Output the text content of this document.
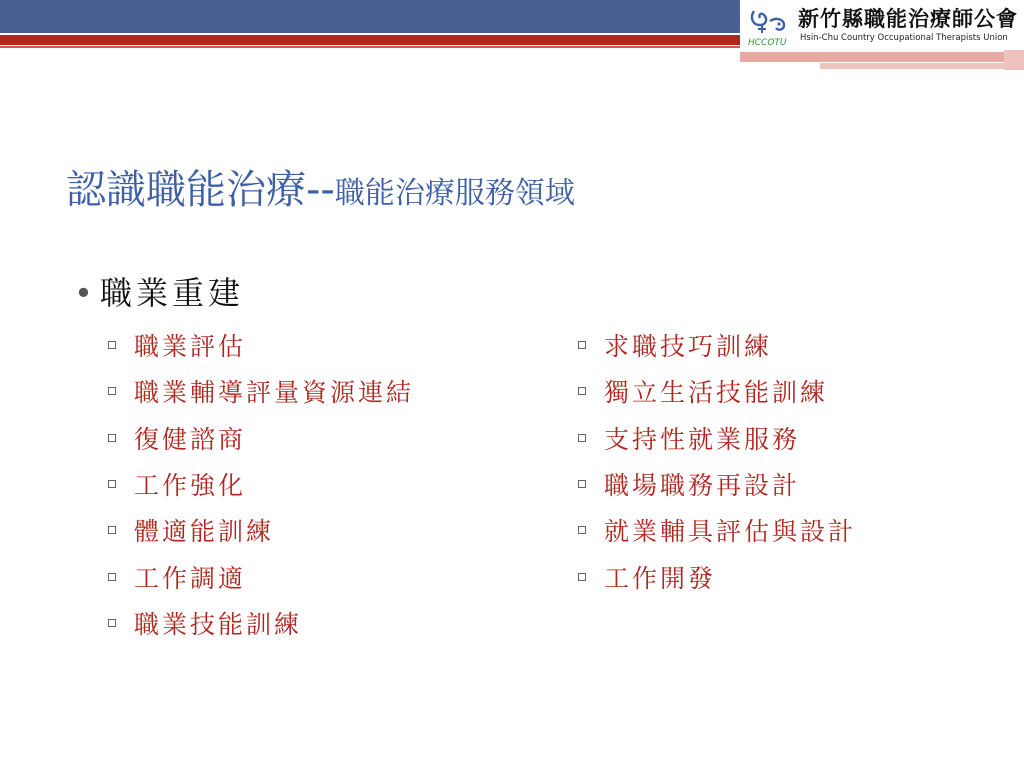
HCCOTU
新竹縣職能治療師公會
Hsin-Chu Country Occupational Therapists Union
認識職能治療--職能治療服務領域
• 職業重建
職業評估
職業輔導評量資源連結
復健諮商
工作強化
體適能訓練
工作調適
職業技能訓練
求職技巧訓練
獨立生活技能訓練
支持性就業服務
職場職務再設計
就業輔具評估與設計
工作開發
